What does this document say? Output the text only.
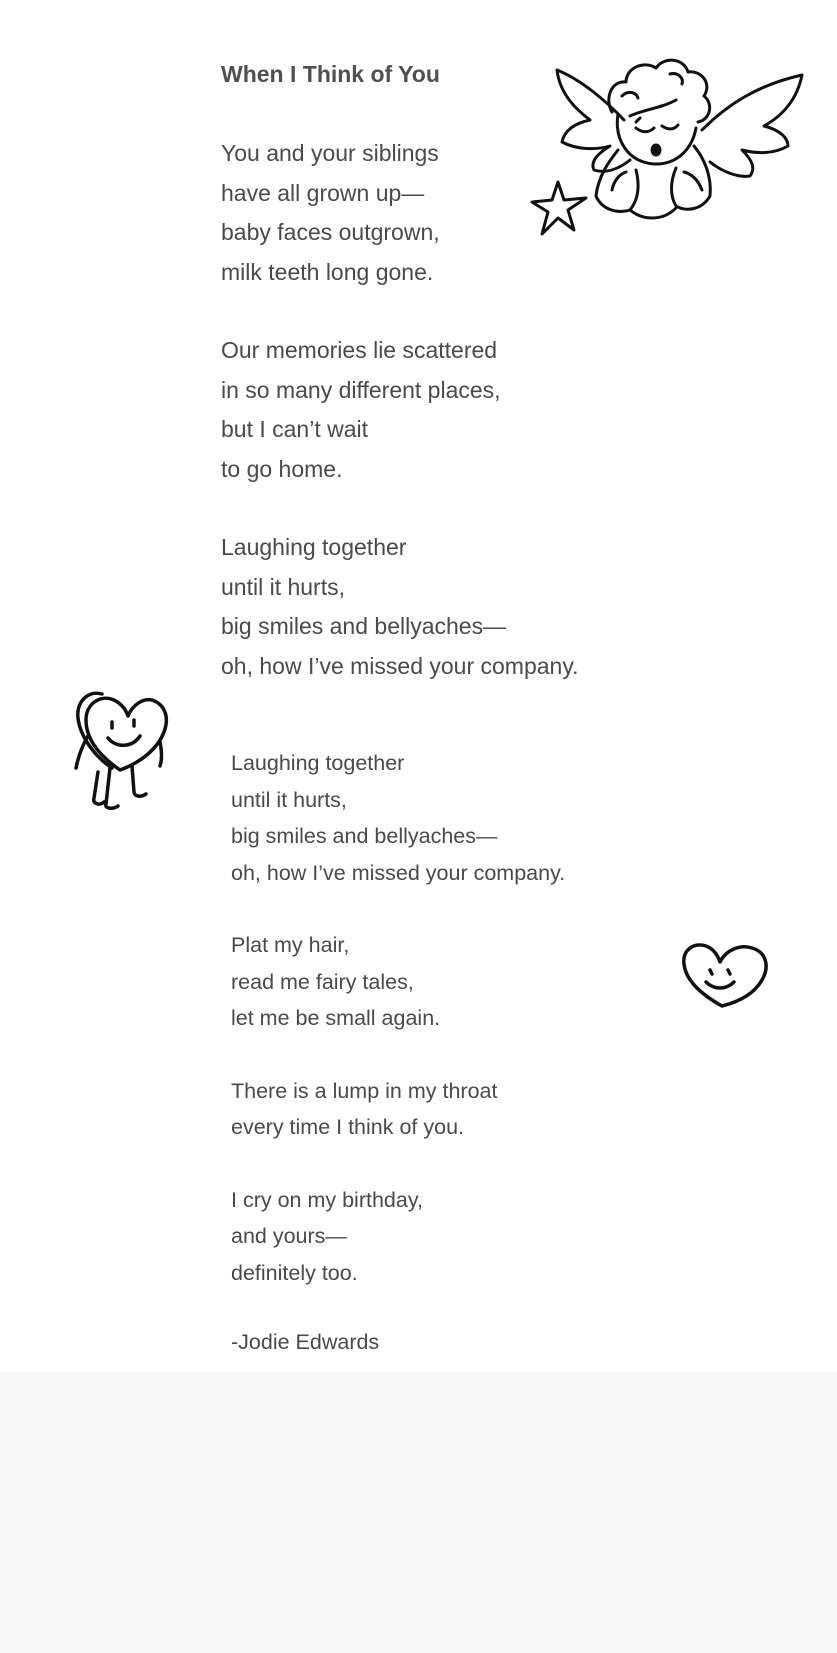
When I Think of You
You and your siblings
have all grown up—
baby faces outgrown,
milk teeth long gone.
Our memories lie scattered
in so many different places,
but I can’t wait
to go home.
Laughing together
until it hurts,
big smiles and bellyaches—
oh, how I’ve missed your company.
Laughing together
until it hurts,
big smiles and bellyaches—
oh, how I’ve missed your company.
Plat my hair,
read me fairy tales,
let me be small again.
There is a lump in my throat
every time I think of you.
I cry on my birthday,
and yours—
definitely too.
-Jodie Edwards
